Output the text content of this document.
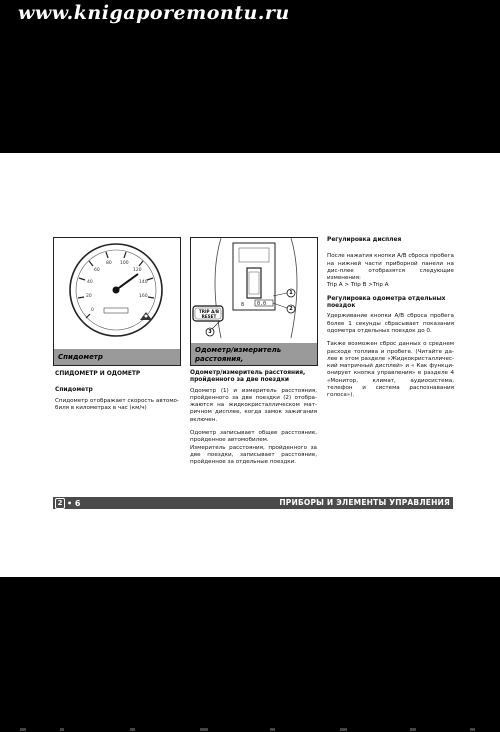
www.knigaporemontu.ru
0
20
40
60
80 100
120
140
160
Спидометр
8	0.0
TRIP A/B
RESET
1
2
3
Одометр/измеритель расстояния,
СПИДОМЕТР И ОДОМЕТР
Спидометр
Спидометр отображает скорость автомо-биля в километрах в час (км/ч)
Одометр/измеритель расстояния, пройденного за две поездки
Одометр (1) и измеритель расстояния, пройденного за две поездки (2) отобра-жаются на жидкокристаллическом мат-ричном дисплее, когда замок зажигания включен.
Одометр записывает общее расстояние, пройденное автомобилем.
Измеритель расстояния, пройденного за две поездки, записывает расстояние, пройденное за отдельные поездки.
Регулировка дисплея
После нажатия кнопки A/B сброса пробега на нижней части приборной панели на дис-плее отобразятся следующие изменения:
Trip A > Trip B >Trip A
Регулировка одометра отдельных поездок
Удерживание кнопки A/B сброса пробега более 1 секунды сбрасывает показания одометра отдельных поездок до 0.
Также возможен сброс данных о среднем расходе топлива и пробеге. (Читайте да-лее в этом разделе «Жидкокристалличес-кий матричный дисплей» и « Как функци-онирует кнопка управления» в разделе 4 «Монитор, климат, аудиосистема, телефон и система распознавания голоса»).
2 • 6	ПРИБОРЫ И ЭЛЕМЕНТЫ УПРАВЛЕНИЯ
